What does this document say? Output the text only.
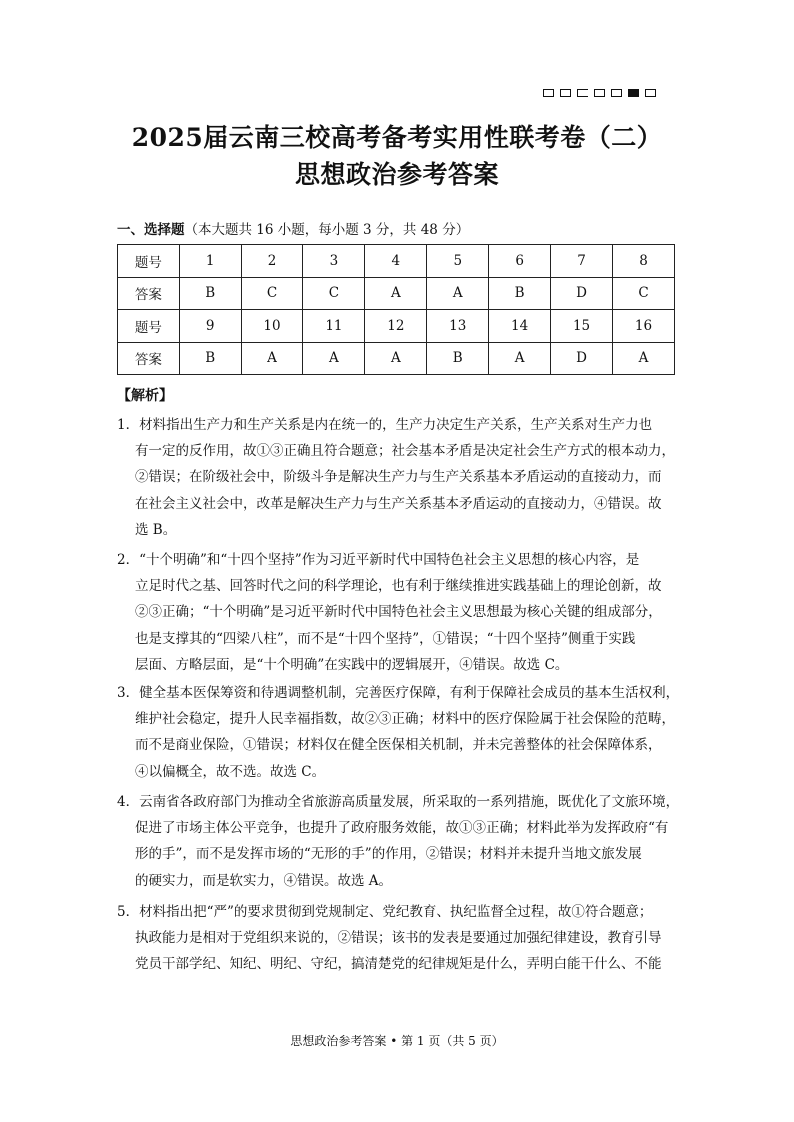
2025届云南三校高考备考实用性联考卷（二）
思想政治参考答案
一、选择题（本大题共 16 小题，每小题 3 分，共 48 分）
题号	1	2	3	4	5	6	7	8
答案	B	C	C	A	A	B	D	C
题号	9	10	11	12	13	14	15	16
答案	B	A	A	A	B	A	D	A
【解析】
1．材料指出生产力和生产关系是内在统一的，生产力决定生产关系，生产关系对生产力也
有一定的反作用，故①③正确且符合题意；社会基本矛盾是决定社会生产方式的根本动力，
②错误；在阶级社会中，阶级斗争是解决生产力与生产关系基本矛盾运动的直接动力，而
在社会主义社会中，改革是解决生产力与生产关系基本矛盾运动的直接动力，④错误。故
选 B。
2．“十个明确”和“十四个坚持”作为习近平新时代中国特色社会主义思想的核心内容，是
立足时代之基、回答时代之问的科学理论，也有利于继续推进实践基础上的理论创新，故
②③正确；“十个明确”是习近平新时代中国特色社会主义思想最为核心关键的组成部分，
也是支撑其的“四梁八柱”，而不是“十四个坚持”，①错误；“十四个坚持”侧重于实践
层面、方略层面，是“十个明确”在实践中的逻辑展开，④错误。故选 C。
3．健全基本医保筹资和待遇调整机制，完善医疗保障，有利于保障社会成员的基本生活权利，
维护社会稳定，提升人民幸福指数，故②③正确；材料中的医疗保险属于社会保险的范畴，
而不是商业保险，①错误；材料仅在健全医保相关机制，并未完善整体的社会保障体系，
④以偏概全，故不选。故选 C。
4．云南省各政府部门为推动全省旅游高质量发展，所采取的一系列措施，既优化了文旅环境，
促进了市场主体公平竞争，也提升了政府服务效能，故①③正确；材料此举为发挥政府“有
形的手”，而不是发挥市场的“无形的手”的作用，②错误；材料并未提升当地文旅发展
的硬实力，而是软实力，④错误。故选 A。
5．材料指出把“严”的要求贯彻到党规制定、党纪教育、执纪监督全过程，故①符合题意；
执政能力是相对于党组织来说的，②错误；该书的发表是要通过加强纪律建设，教育引导
党员干部学纪、知纪、明纪、守纪，搞清楚党的纪律规矩是什么，弄明白能干什么、不能
思想政治参考答案 • 第 1 页（共 5 页）
